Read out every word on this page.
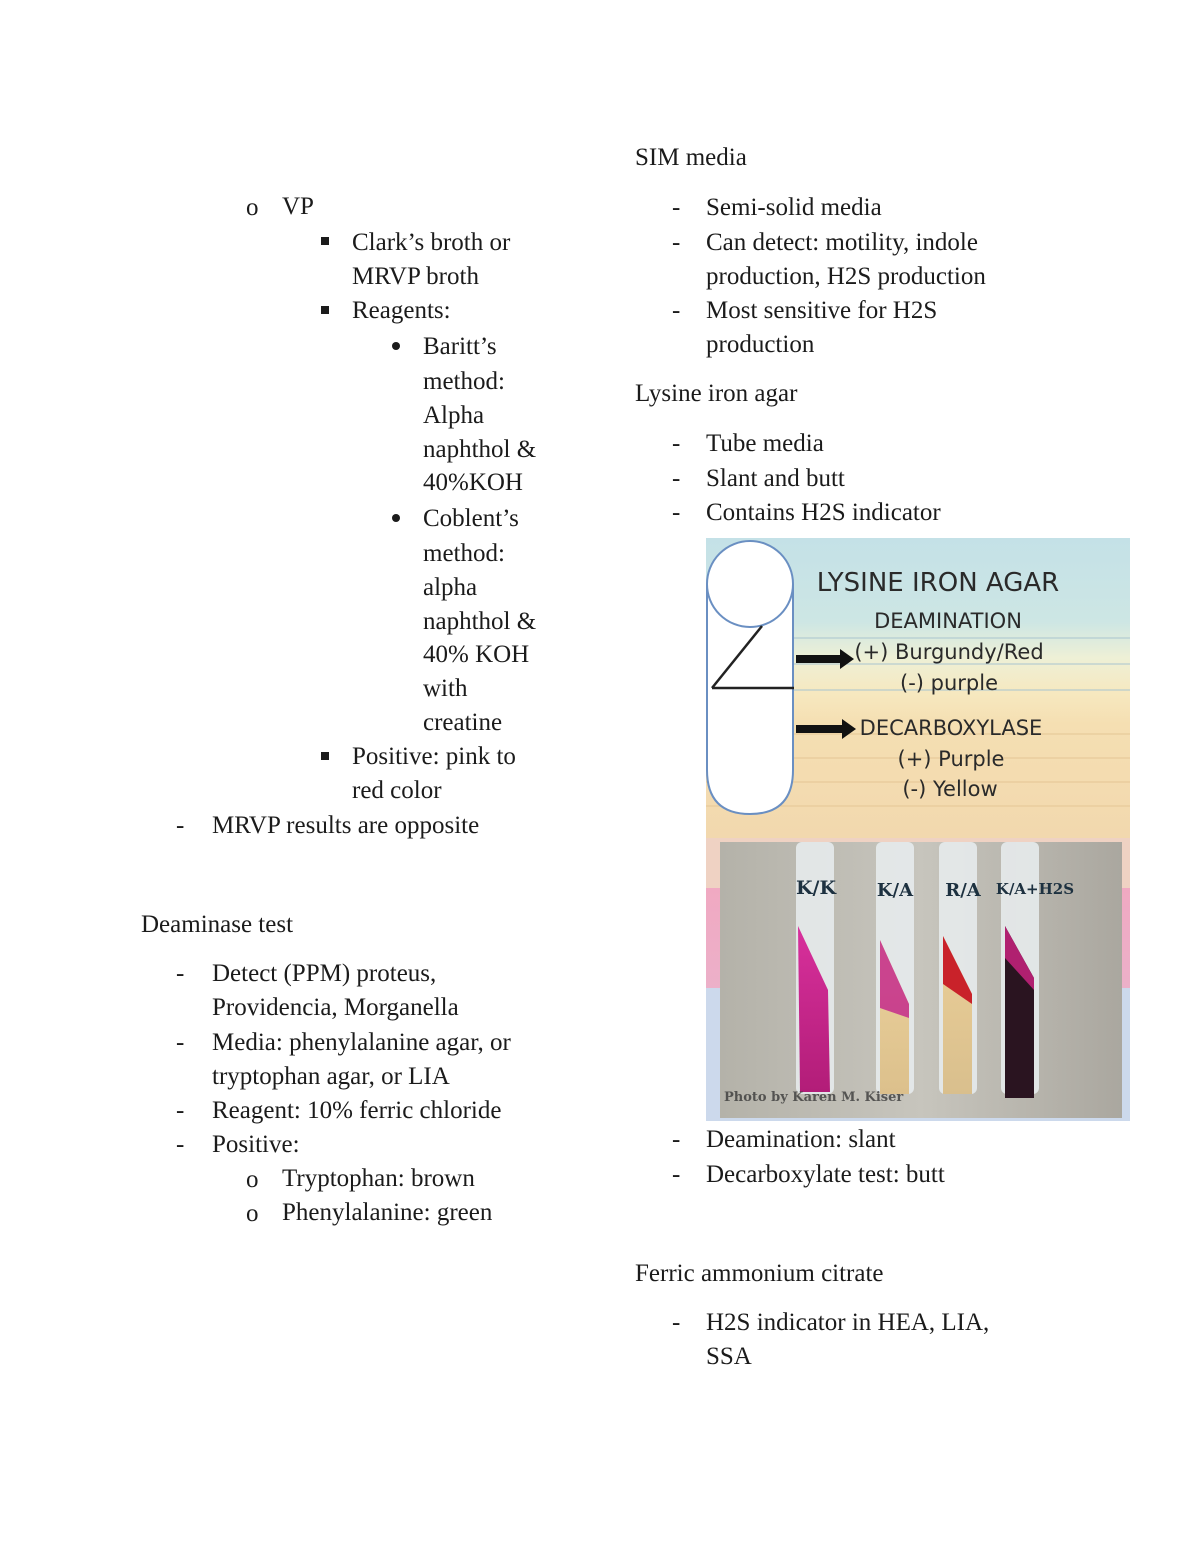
o VP
Clark’s broth or
MRVP broth
Reagents:
Baritt’s
method:
Alpha
naphthol &
40%KOH
Coblent’s
method:
alpha
naphthol &
40% KOH
with
creatine
Positive: pink to
red color
- MRVP results are opposite
Deaminase test
- Detect (PPM) proteus,
Providencia, Morganella
- Media: phenylalanine agar, or
tryptophan agar, or LIA
- Reagent: 10% ferric chloride
- Positive:
o Tryptophan: brown
o Phenylalanine: green
SIM media
- Semi-solid media
- Can detect: motility, indole
production, H2S production
- Most sensitive for H2S
production
Lysine iron agar
- Tube media
- Slant and butt
- Contains H2S indicator
LYSINE IRON AGAR
DEAMINATION
(+) Burgundy/Red
(-) purple
DECARBOXYLASE
(+) Purple
(-) Yellow
K/K K/A R/A K/A+H2S
Photo by Karen M. Kiser
- Deamination: slant
- Decarboxylate test: butt
Ferric ammonium citrate
- H2S indicator in HEA, LIA,
SSA
